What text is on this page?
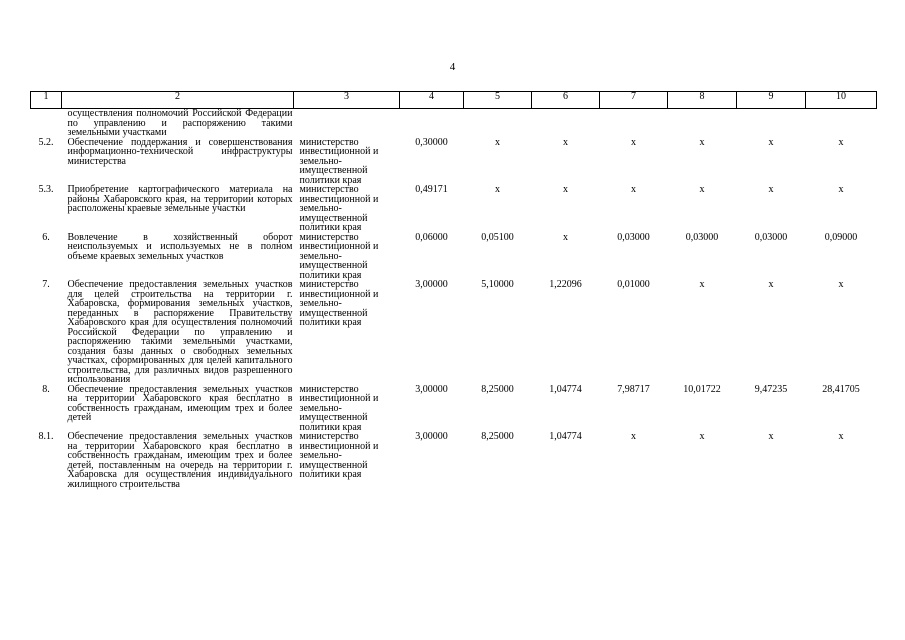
4
1	2	3	4	5	6	7	8	9	10
	осуществления полномочий Российской Федерации по управлению и распоряжению такими земельными участками								
5.2.	Обеспечение поддержания и совершенствования информационно-технической инфраструктуры министерства	министерство инвестиционной и земельно-имущественной политики края	0,30000	х	х	х	х	х	х
5.3.	Приобретение картографического материала на районы Хабаровского края, на территории которых расположены краевые земельные участки	министерство инвестиционной и земельно-имущественной политики края	0,49171	х	х	х	х	х	х
6.	Вовлечение в хозяйственный оборот неиспользуемых и используемых не в полном объеме краевых земельных участков	министерство инвестиционной и земельно-имущественной политики края	0,06000	0,05100	х	0,03000	0,03000	0,03000	0,09000
7.	Обеспечение предоставления земельных участков для целей строительства на территории г. Хабаровска, формирования земельных участков, переданных в распоряжение Правительству Хабаровского края для осуществления полномочий Российской Федерации по управлению и распоряжению такими земельными участками, создания базы данных о свободных земельных участках, сформированных для целей капитального строительства, для различных видов разрешенного использования	министерство инвестиционной и земельно-имущественной политики края	3,00000	5,10000	1,22096	0,01000	х	х	х
8.	Обеспечение предоставления земельных участков на территории Хабаровского края бесплатно в собственность гражданам, имеющим трех и более детей	министерство инвестиционной и земельно-имущественной политики края	3,00000	8,25000	1,04774	7,98717	10,01722	9,47235	28,41705
8.1.	Обеспечение предоставления земельных участков на территории Хабаровского края бесплатно в собственность гражданам, имеющим трех и более детей, поставленным на очередь на территории г. Хабаровска для осуществления индивидуального жилищного строительства	министерство инвестиционной и земельно-имущественной политики края	3,00000	8,25000	1,04774	х	х	х	х
